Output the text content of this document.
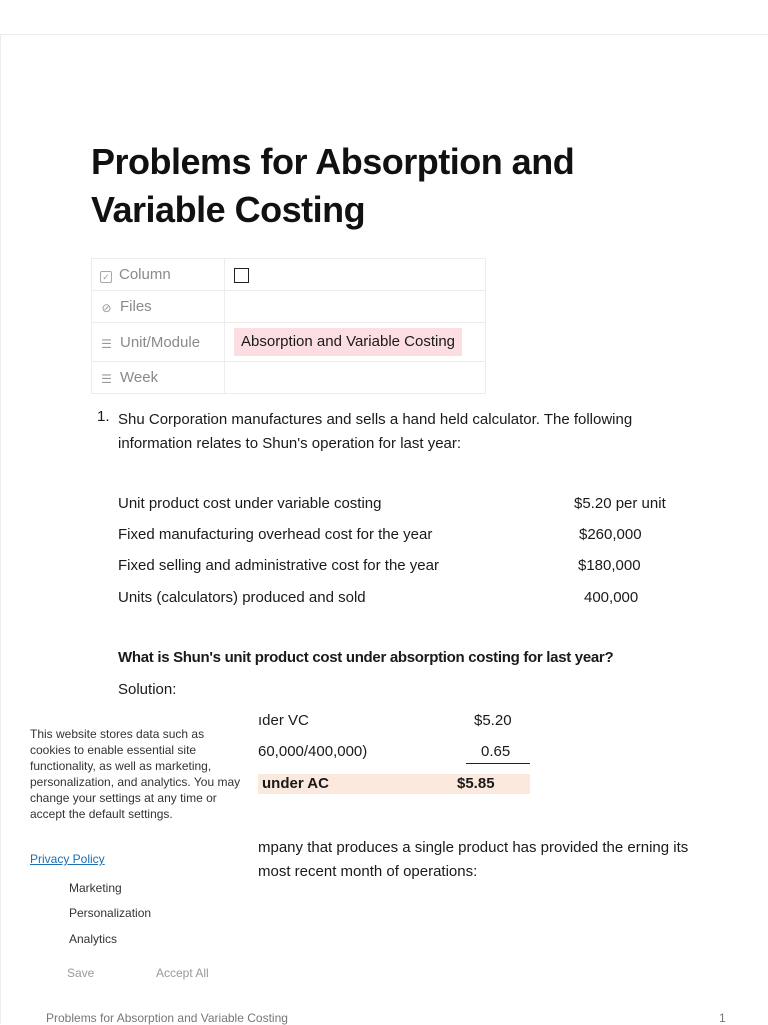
Problems for Absorption and Variable Costing
✓ Column	
⊘ Files	
☰ Unit/Module	Absorption and Variable Costing
☰ Week	
1. Shu Corporation manufactures and sells a hand held calculator. The following information relates to Shun's operation for last year:
Unit product cost under variable costing	$5.20 per unit
Fixed manufacturing overhead cost for the year	$260,000
Fixed selling and administrative cost for the year	$180,000
Units (calculators) produced and sold	400,000
What is Shun's unit product cost under absorption costing for last year?
Solution:
ıder VC	$5.20
60,000/400,000)	0.65
under AC	$5.85
mpany that produces a single product has provided the erning its most recent month of operations:
This website stores data such as cookies to enable essential site functionality, as well as marketing, personalization, and analytics. You may change your settings at any time or accept the default settings.
Privacy Policy
Marketing
Personalization
Analytics
Save	Accept All
Problems for Absorption and Variable Costing	1
